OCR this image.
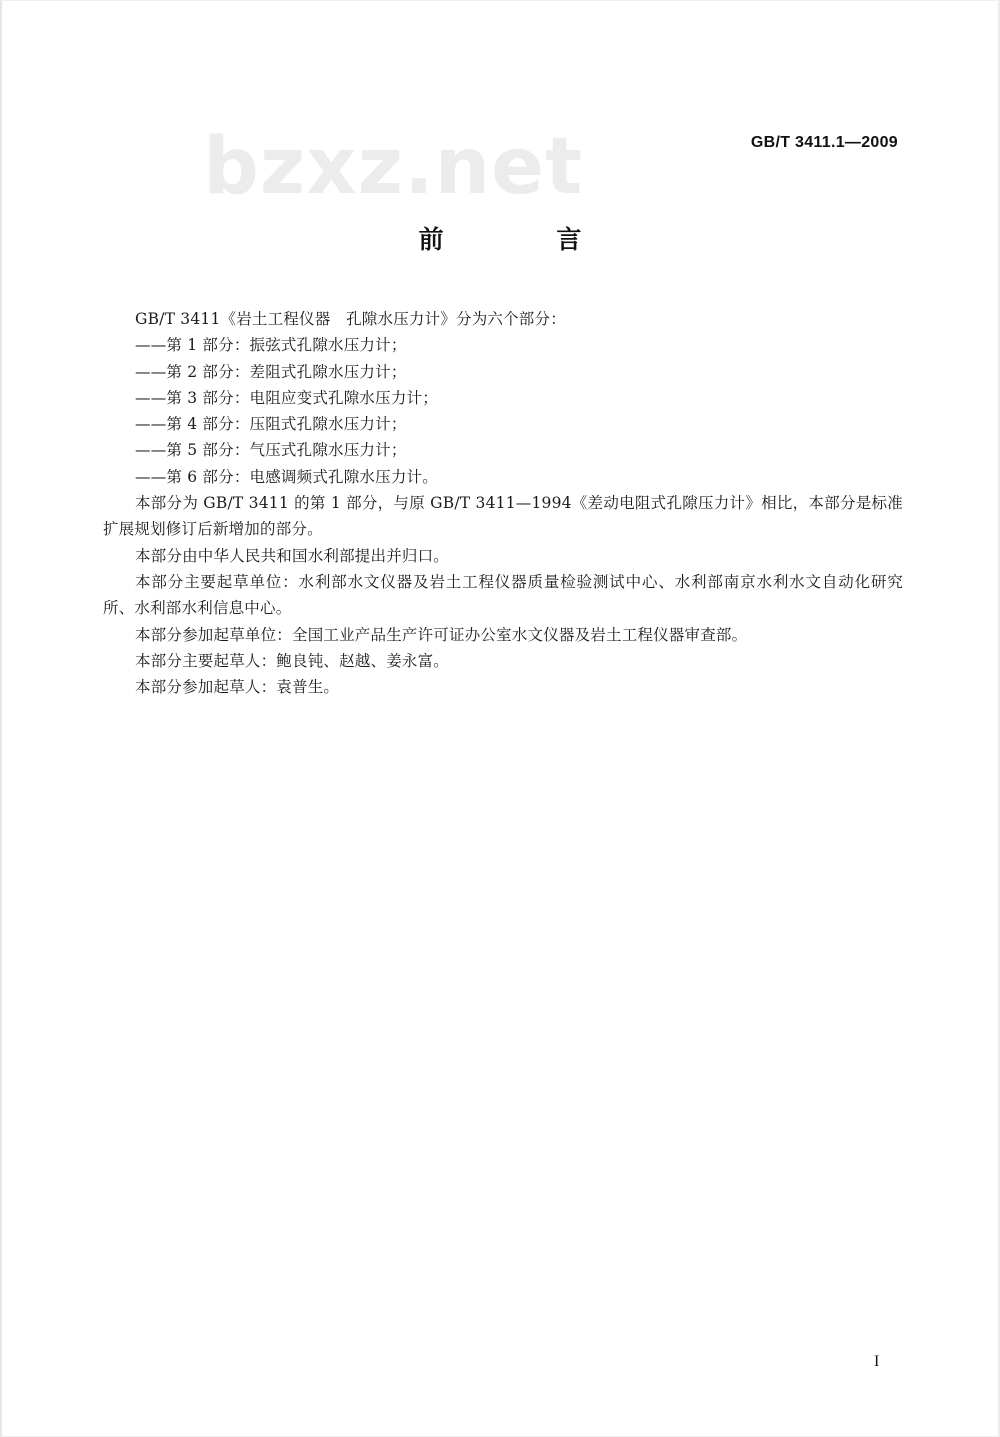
bzxz.net	GB/T 3411.1—2009
前 言

GB/T 3411《岩土工程仪器　孔隙水压力计》分为六个部分：

——第 1 部分：振弦式孔隙水压力计；

——第 2 部分：差阻式孔隙水压力计；

——第 3 部分：电阻应变式孔隙水压力计；

——第 4 部分：压阻式孔隙水压力计；

——第 5 部分：气压式孔隙水压力计；

——第 6 部分：电感调频式孔隙水压力计。

本部分为 GB/T 3411 的第 1 部分，与原 GB/T 3411—1994《差动电阻式孔隙压力计》相比，本部分是标准扩展规划修订后新增加的部分。

本部分由中华人民共和国水利部提出并归口。

本部分主要起草单位：水利部水文仪器及岩土工程仪器质量检验测试中心、水利部南京水利水文自动化研究所、水利部水利信息中心。

本部分参加起草单位：全国工业产品生产许可证办公室水文仪器及岩土工程仪器审查部。

本部分主要起草人：鲍良钝、赵越、姜永富。

本部分参加起草人：袁普生。

I
